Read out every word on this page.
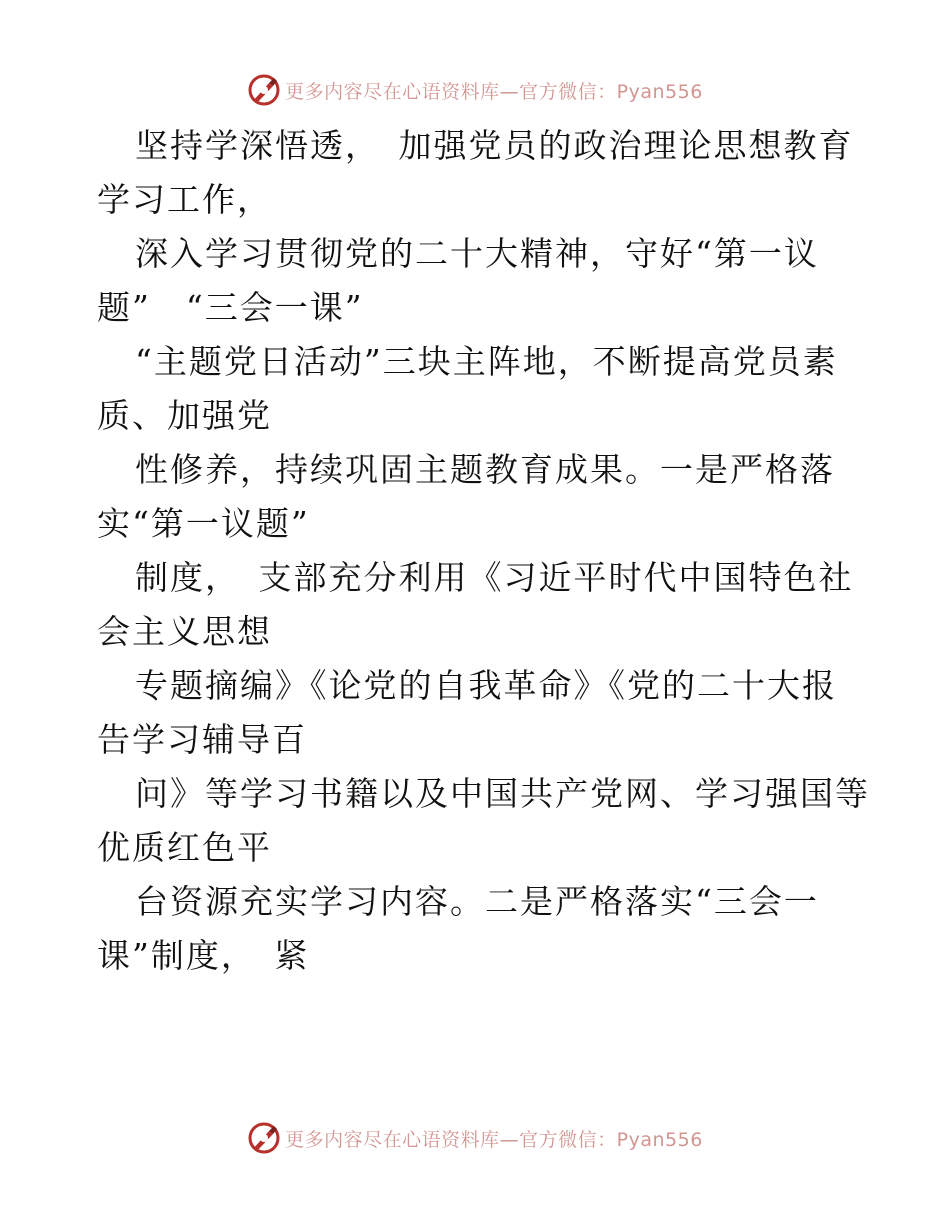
更多内容尽在心语资料库—官方微信：Pyan556
坚持学深悟透，　加强党员的政治理论思想教育
学习工作，
深入学习贯彻党的二十大精神，守好“第一议
题”　“三会一课”
“主题党日活动”三块主阵地，不断提高党员素
质、加强党
性修养，持续巩固主题教育成果。一是严格落
实“第一议题”
制度，　支部充分利用《习近平时代中国特色社
会主义思想
专题摘编》《论党的自我革命》《党的二十大报
告学习辅导百
问》等学习书籍以及中国共产党网、学习强国等
优质红色平
台资源充实学习内容。二是严格落实“三会一
课”制度，　紧
更多内容尽在心语资料库—官方微信：Pyan556
